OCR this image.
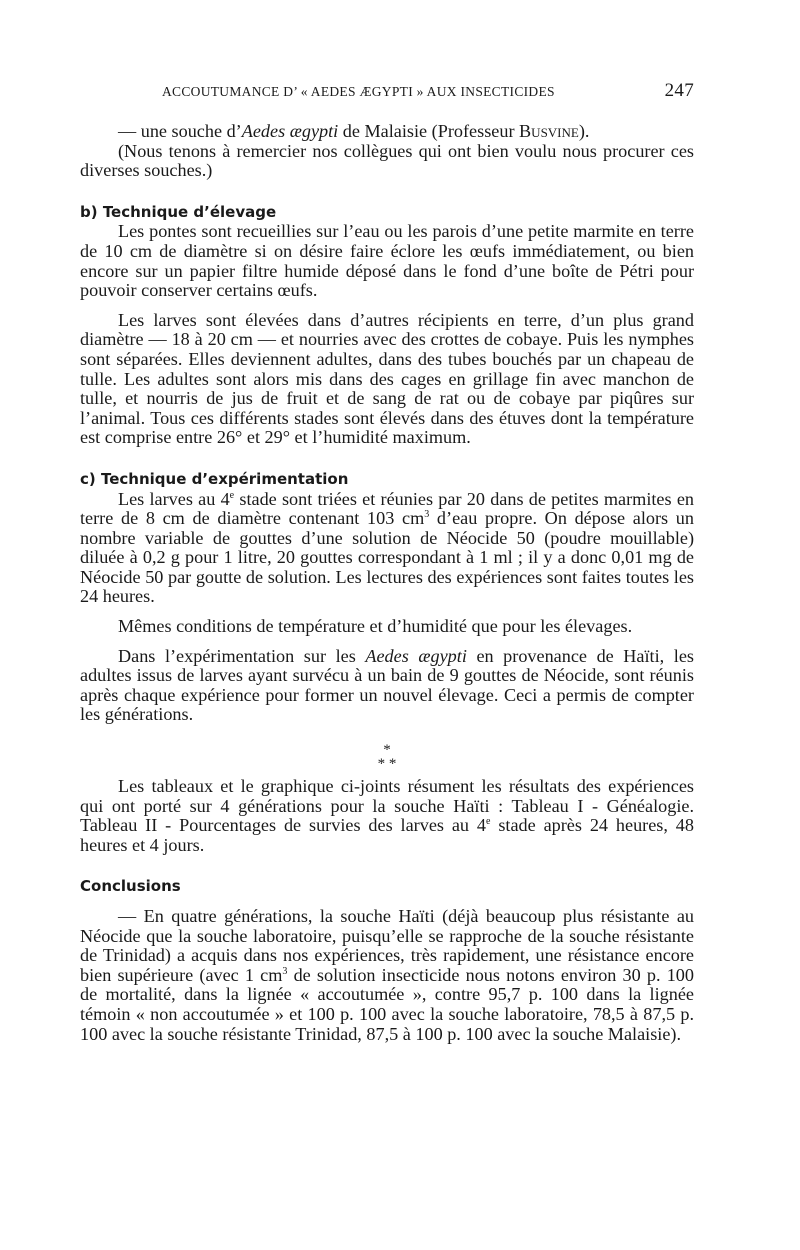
ACCOUTUMANCE D’ « AEDES ÆGYPTI » AUX INSECTICIDES	247

— une souche d’Aedes ægypti de Malaisie (Professeur Busvine).

(Nous tenons à remercier nos collègues qui ont bien voulu nous procurer ces diverses souches.)

b) Technique d’élevage

Les pontes sont recueillies sur l’eau ou les parois d’une petite marmite en terre de 10 cm de diamètre si on désire faire éclore les œufs immédiatement, ou bien encore sur un papier filtre humide déposé dans le fond d’une boîte de Pétri pour pouvoir conserver certains œufs.

Les larves sont élevées dans d’autres récipients en terre, d’un plus grand diamètre — 18 à 20 cm — et nourries avec des crottes de cobaye. Puis les nymphes sont séparées. Elles deviennent adultes, dans des tubes bouchés par un chapeau de tulle. Les adultes sont alors mis dans des cages en grillage fin avec manchon de tulle, et nourris de jus de fruit et de sang de rat ou de cobaye par piqûres sur l’animal. Tous ces différents stades sont élevés dans des étuves dont la température est comprise entre 26° et 29° et l’humidité maximum.

c) Technique d’expérimentation

Les larves au 4e stade sont triées et réunies par 20 dans de petites marmites en terre de 8 cm de diamètre contenant 103 $cm^3$ d’eau propre. On dépose alors un nombre variable de gouttes d’une solution de Néocide 50 (poudre mouillable) diluée à 0,2 g pour 1 litre, 20 gouttes correspondant à 1 ml ; il y a donc 0,01 mg de Néocide 50 par goutte de solution. Les lectures des expériences sont faites toutes les 24 heures.

Mêmes conditions de température et d’humidité que pour les élevages.

Dans l’expérimentation sur les Aedes ægypti en provenance de Haïti, les adultes issus de larves ayant survécu à un bain de 9 gouttes de Néocide, sont réunis après chaque expérience pour former un nouvel élevage. Ceci a permis de compter les générations.

*
* *

Les tableaux et le graphique ci-joints résument les résultats des expériences qui ont porté sur 4 générations pour la souche Haïti : Tableau I - Généalogie. Tableau II - Pourcentages de survies des larves au 4e stade après 24 heures, 48 heures et 4 jours.

Conclusions

— En quatre générations, la souche Haïti (déjà beaucoup plus résistante au Néocide que la souche laboratoire, puisqu’elle se rapproche de la souche résistante de Trinidad) a acquis dans nos expériences, très rapidement, une résistance encore bien supérieure (avec 1 $cm^3$ de solution insecticide nous notons environ 30 p. 100 de mortalité, dans la lignée « accoutumée », contre 95,7 p. 100 dans la lignée témoin « non accoutumée » et 100 p. 100 avec la souche laboratoire, 78,5 à 87,5 p. 100 avec la souche résistante Trinidad, 87,5 à 100 p. 100 avec la souche Malaisie).
